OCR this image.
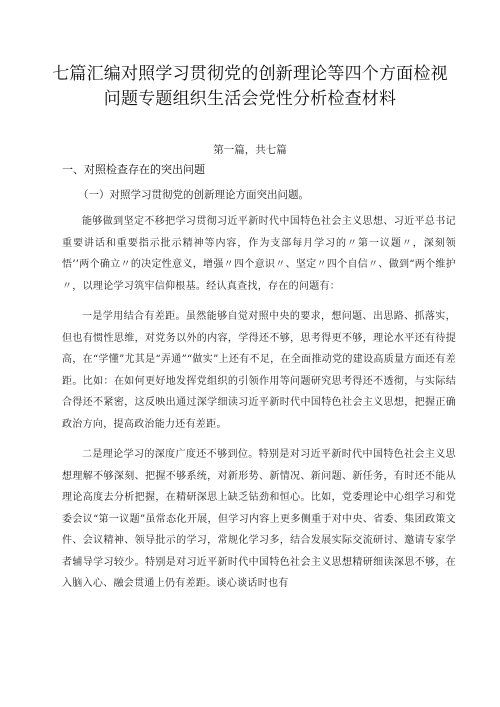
七篇汇编对照学习贯彻党的创新理论等四个方面检视
问题专题组织生活会党性分析检查材料
第一篇，共七篇
一、对照检查存在的突出问题
（一）对照学习贯彻党的创新理论方面突出问题。

能够做到坚定不移把学习贯彻习近平新时代中国特色社会主义思想、习近平总书记重要讲话和重要指示批示精神等内容，作为支部每月学习的〃第一议题〃，深刻领悟’’两个确立〃的决定性意义，增强〃四个意识〃、坚定〃四个自信〃、做到“两个维护〃，以理论学习筑牢信仰根基。经认真查找，存在的问题有：

一是学用结合有差距。虽然能够自觉对照中央的要求，想问题、出思路、抓落实，但也有惯性思维，对党务以外的内容，学得还不够，思考得更不够，理论水平还有待提高，在“学懂”尤其是“弄通”“做实”上还有不足，在全面推动党的建设高质量方面还有差距。比如：在如何更好地发挥党组织的引领作用等问题研究思考得还不透彻，与实际结合得还不紧密，这反映出通过深学细读习近平新时代中国特色社会主义思想，把握正确政治方向，提高政治能力还有差距。

二是理论学习的深度广度还不够到位。特别是对习近平新时代中国特色社会主义思想理解不够深刻、把握不够系统，对新形势、新情况、新问题、新任务，有时还不能从理论高度去分析把握，在精研深思上缺乏钻劲和恒心。比如，党委理论中心组学习和党委会议“第一议题”虽常态化开展，但学习内容上更多侧重于对中央、省委、集团政策文件、会议精神、领导批示的学习，常规化学习多，结合发展实际交流研讨、邀请专家学者辅导学习较少。特别是对习近平新时代中国特色社会主义思想精研细读深思不够，在入脑入心、融会贯通上仍有差距。谈心谈话时也有
